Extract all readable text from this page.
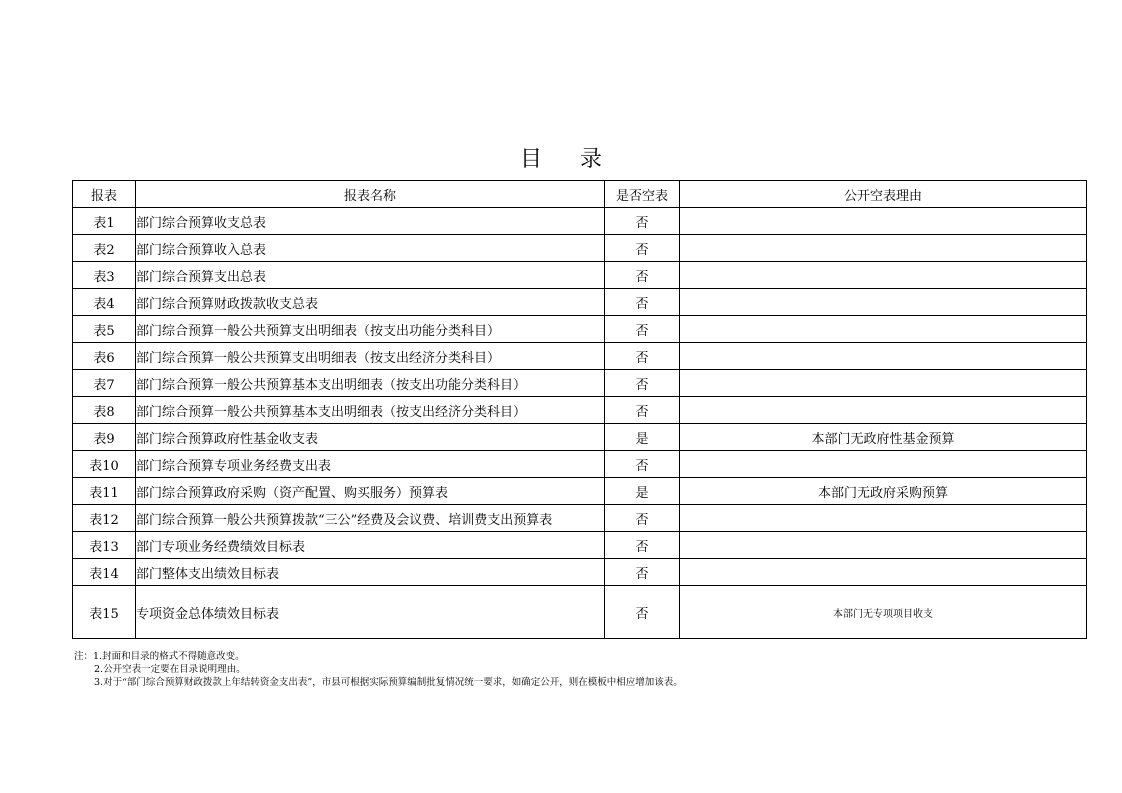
目录
报表	报表名称	是否空表	公开空表理由
表1	部门综合预算收支总表	否	
表2	部门综合预算收入总表	否	
表3	部门综合预算支出总表	否	
表4	部门综合预算财政拨款收支总表	否	
表5	部门综合预算一般公共预算支出明细表（按支出功能分类科目）	否	
表6	部门综合预算一般公共预算支出明细表（按支出经济分类科目）	否	
表7	部门综合预算一般公共预算基本支出明细表（按支出功能分类科目）	否	
表8	部门综合预算一般公共预算基本支出明细表（按支出经济分类科目）	否	
表9	部门综合预算政府性基金收支表	是	本部门无政府性基金预算
表10	部门综合预算专项业务经费支出表	否	
表11	部门综合预算政府采购（资产配置、购买服务）预算表	是	本部门无政府采购预算
表12	部门综合预算一般公共预算拨款“三公”经费及会议费、培训费支出预算表	否	
表13	部门专项业务经费绩效目标表	否	
表14	部门整体支出绩效目标表	否	
表15	专项资金总体绩效目标表	否	本部门无专项项目收支
注：1.封面和目录的格式不得随意改变。
2.公开空表一定要在目录说明理由。
3.对于“部门综合预算财政拨款上年结转资金支出表”，市县可根据实际预算编制批复情况统一要求，如确定公开，则在模板中相应增加该表。
